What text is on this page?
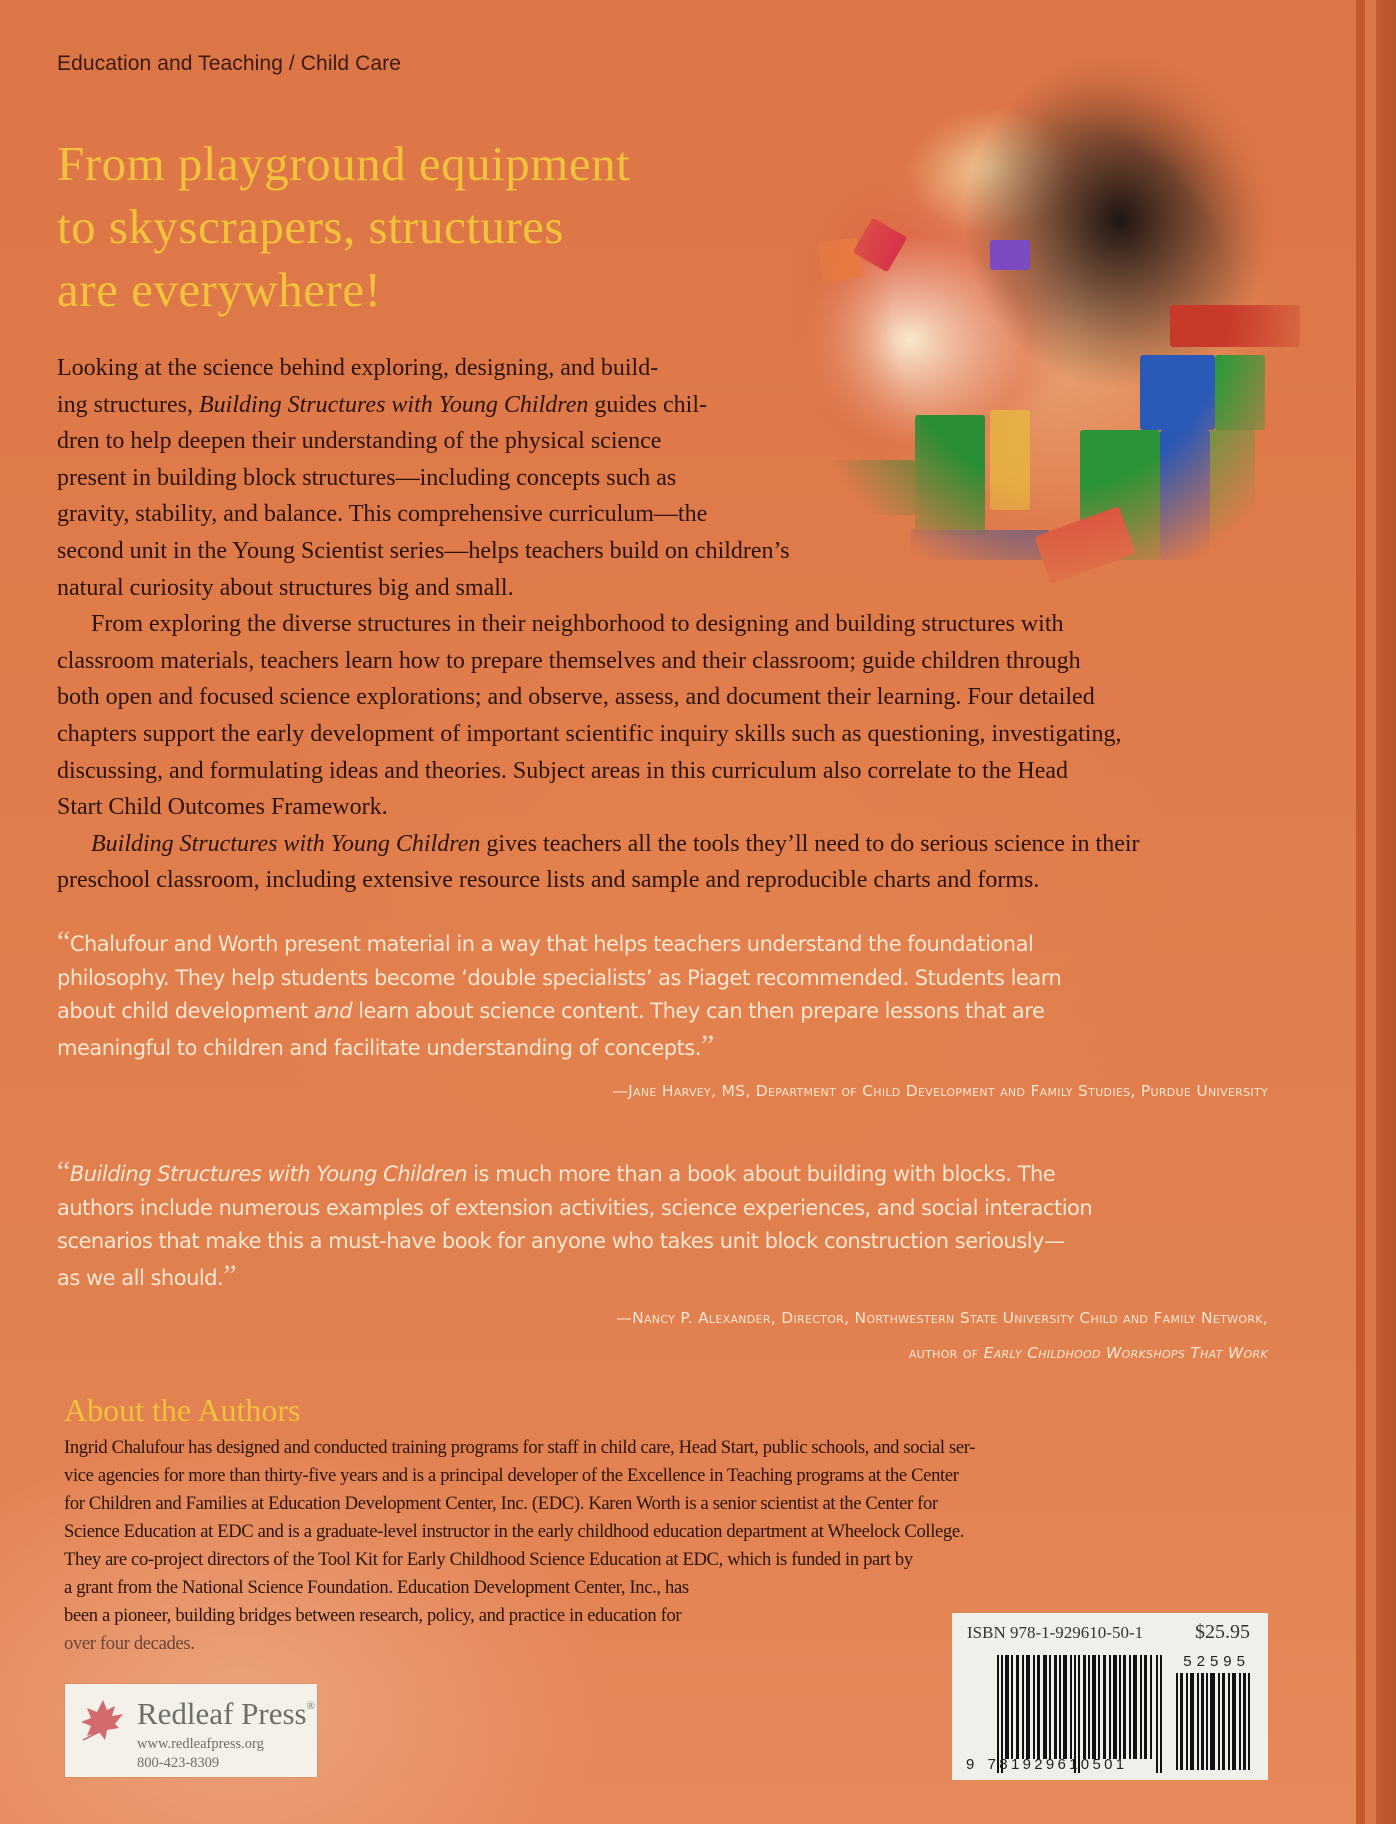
Education and Teaching / Child Care
From playground equipment
to skyscrapers, structures
are everywhere!
Looking at the science behind exploring, designing, and build-
ing structures, Building Structures with Young Children guides chil-
dren to help deepen their understanding of the physical science
present in building block structures—including concepts such as
gravity, stability, and balance. This comprehensive curriculum—the
second unit in the Young Scientist series—helps teachers build on children’s
natural curiosity about structures big and small.
From exploring the diverse structures in their neighborhood to designing and building structures with
classroom materials, teachers learn how to prepare themselves and their classroom; guide children through
both open and focused science explorations; and observe, assess, and document their learning. Four detailed
chapters support the early development of important scientific inquiry skills such as questioning, investigating,
discussing, and formulating ideas and theories. Subject areas in this curriculum also correlate to the Head
Start Child Outcomes Framework.
Building Structures with Young Children gives teachers all the tools they’ll need to do serious science in their
preschool classroom, including extensive resource lists and sample and reproducible charts and forms.
“Chalufour and Worth present material in a way that helps teachers understand the foundational
philosophy. They help students become ‘double specialists’ as Piaget recommended. Students learn
about child development and learn about science content. They can then prepare lessons that are
meaningful to children and facilitate understanding of concepts.”
—Jane Harvey, MS, Department of Child Development and Family Studies, Purdue University
“Building Structures with Young Children is much more than a book about building with blocks. The
authors include numerous examples of extension activities, science experiences, and social interaction
scenarios that make this a must-have book for anyone who takes unit block construction seriously—
as we all should.”
—Nancy P. Alexander, Director, Northwestern State University Child and Family Network,
author of Early Childhood Workshops That Work
About the Authors
Ingrid Chalufour has designed and conducted training programs for staff in child care, Head Start, public schools, and social ser-
vice agencies for more than thirty-five years and is a principal developer of the Excellence in Teaching programs at the Center
for Children and Families at Education Development Center, Inc. (EDC). Karen Worth is a senior scientist at the Center for
Science Education at EDC and is a graduate-level instructor in the early childhood education department at Wheelock College.
They are co-project directors of the Tool Kit for Early Childhood Science Education at EDC, which is funded in part by
a grant from the National Science Foundation. Education Development Center, Inc., has
been a pioneer, building bridges between research, policy, and practice in education for
over four decades.
Redleaf Press®
www.redleafpress.org
800-423-8309
ISBN 978-1-929610-50-1	$25.95
52595
9 781929610501
